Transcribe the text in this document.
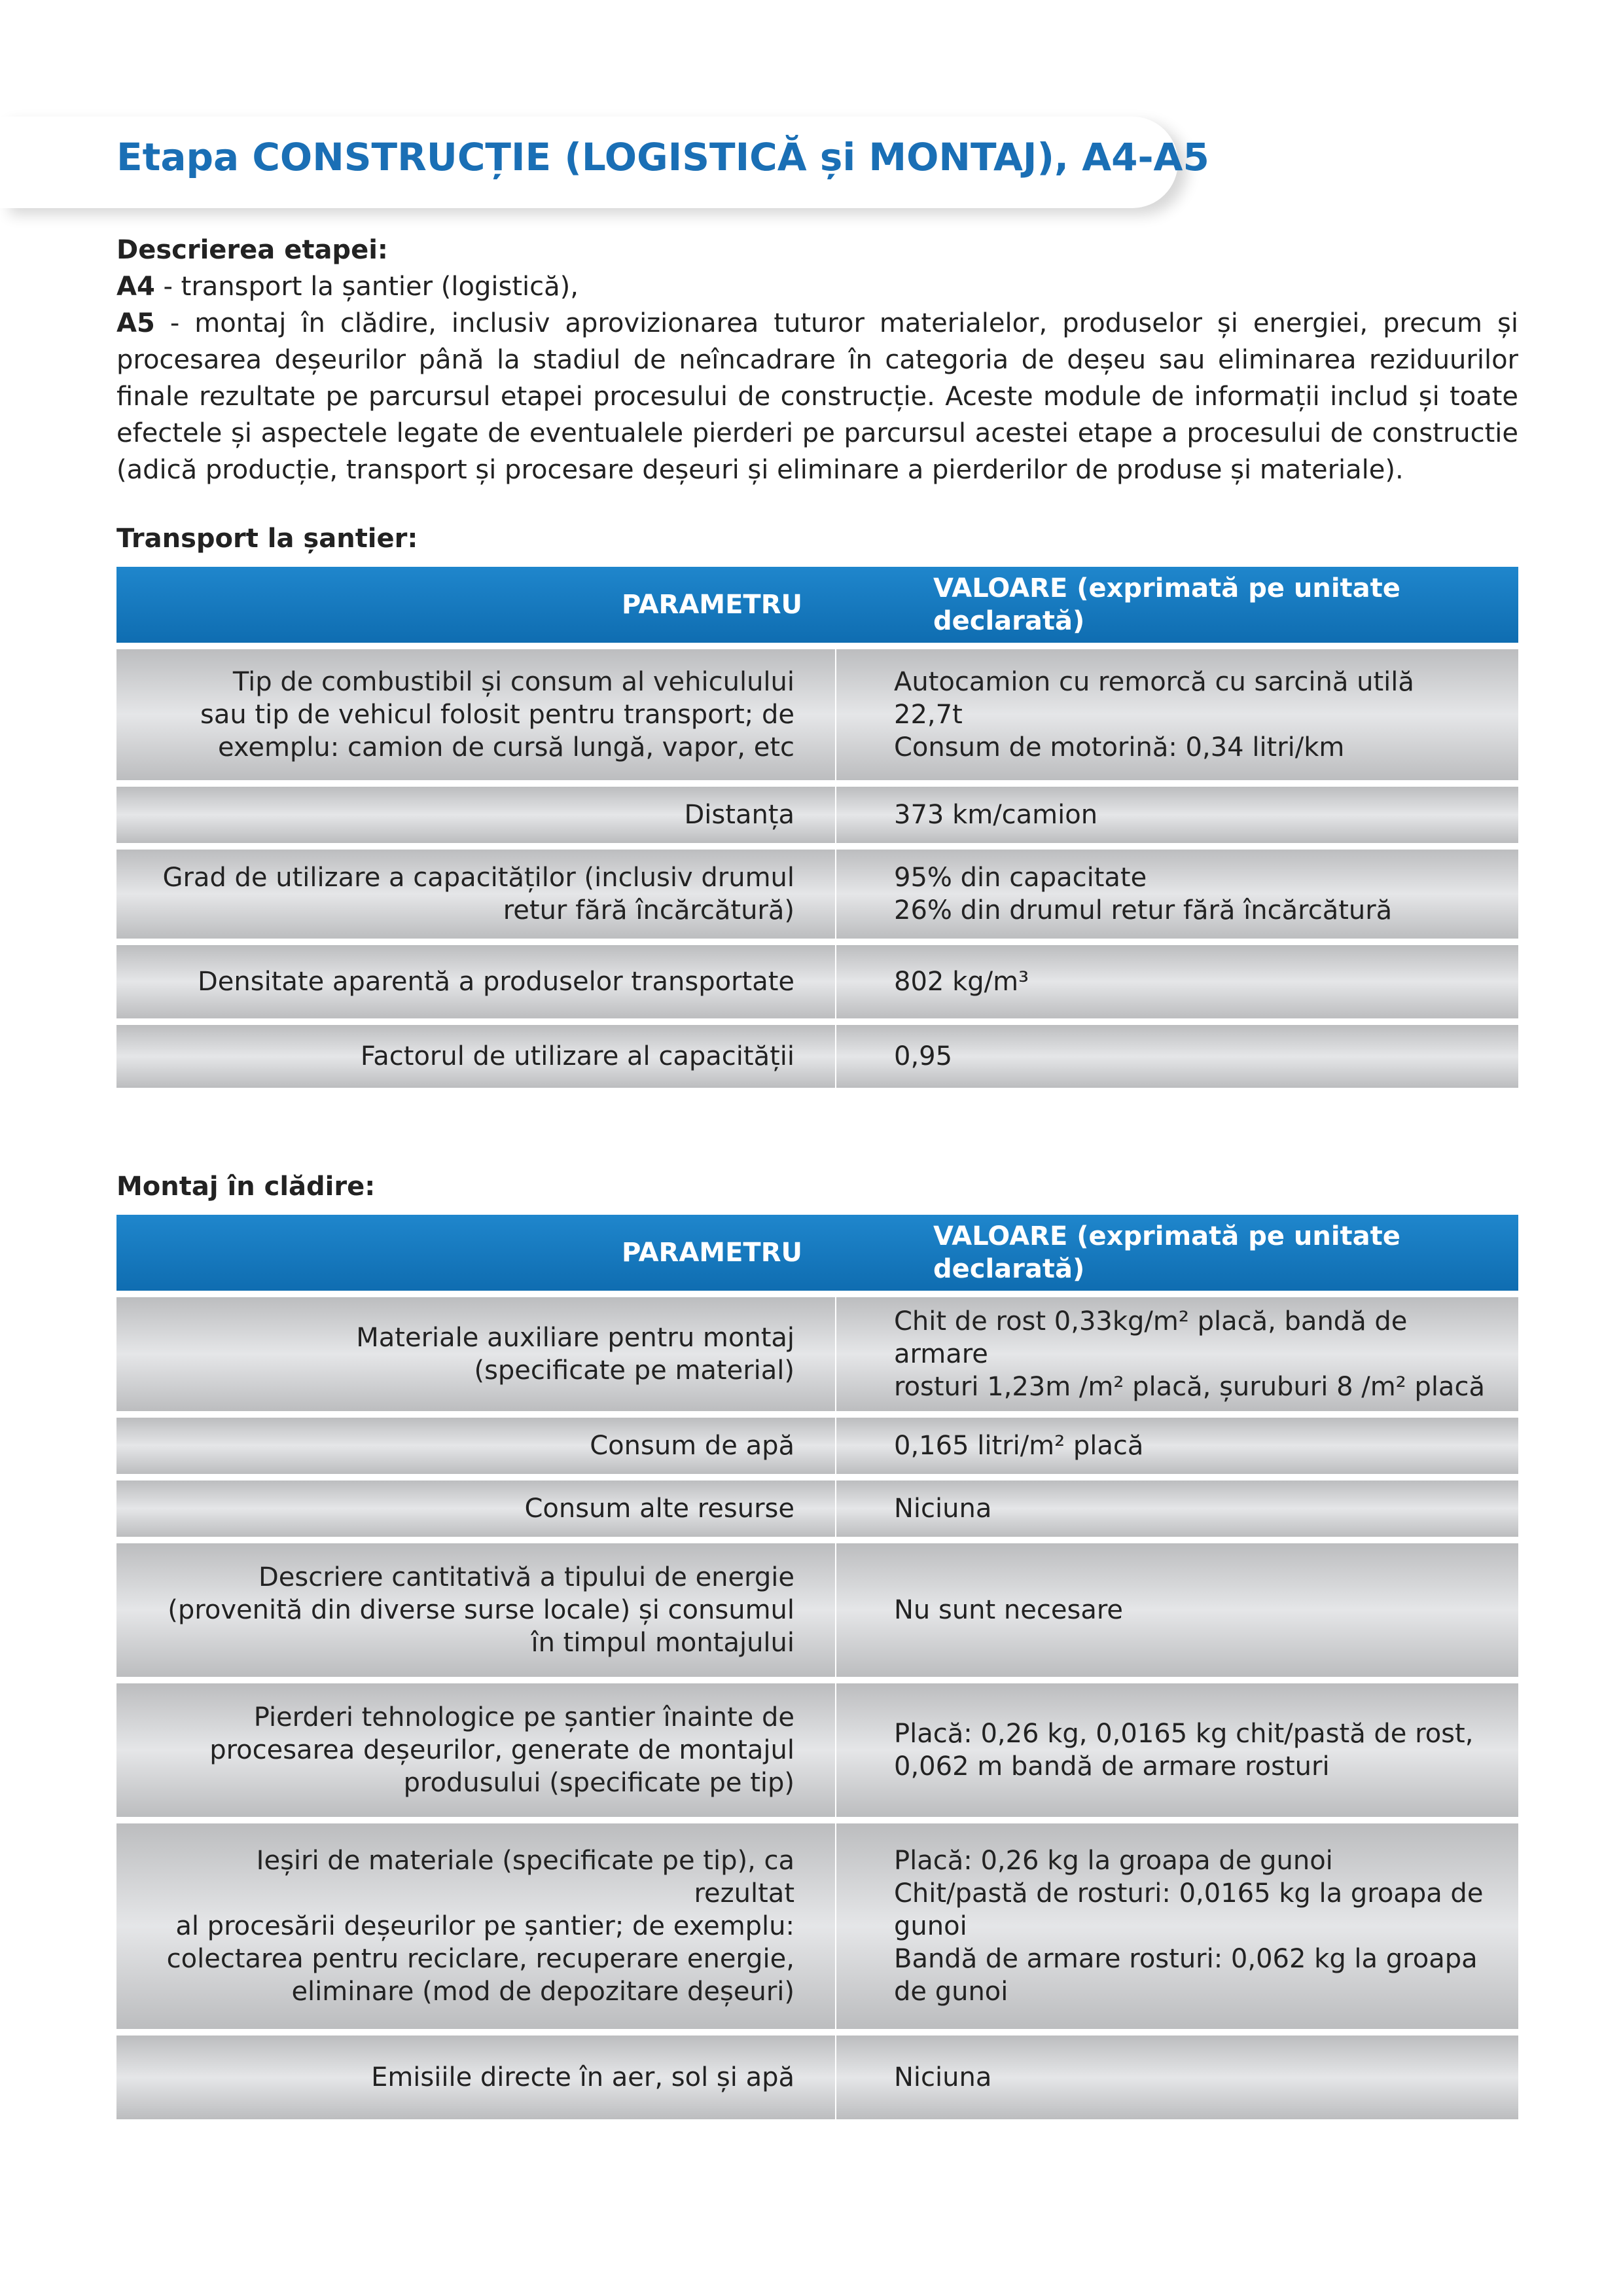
Etapa CONSTRUCȚIE (LOGISTICĂ și MONTAJ), A4-A5

Descrierea etapei:

A4 - transport la șantier (logistică),

A5 - montaj în clădire, inclusiv aprovizionarea tuturor materialelor, produselor și energiei, precum și procesarea deșeurilor până la stadiul de neîncadrare în categoria de deșeu sau eliminarea reziduurilor finale rezultate pe parcursul etapei procesului de construcție. Aceste module de informații includ și toate efectele și aspectele legate de eventualele pierderi pe parcursul acestei etape a procesului de constructie (adică producție, transport și procesare deșeuri și eliminare a pierderilor de produse și materiale).

Transport la șantier:
PARAMETRU	VALOARE (exprimată pe unitate declarată)

Tip de combustibil și consum al vehiculului
sau tip de vehicul folosit pentru transport; de
exemplu: camion de cursă lungă, vapor, etc	Autocamion cu remorcă cu sarcină utilă
22,7t
Consum de motorină: 0,34 litri/km

Distanța	373 km/camion

Grad de utilizare a capacităților (inclusiv drumul
retur fără încărcătură)	95% din capacitate
26% din drumul retur fără încărcătură

Densitate aparentă a produselor transportate	802 kg/m³

Factorul de utilizare al capacității	0,95
Montaj în clădire:
PARAMETRU	VALOARE (exprimată pe unitate declarată)

Materiale auxiliare pentru montaj
(specificate pe material)	Chit de rost 0,33kg/m² placă, bandă de armare
rosturi 1,23m /m² placă, șuruburi 8 /m² placă

Consum de apă	0,165 litri/m² placă

Consum alte resurse	Niciuna

Descriere cantitativă a tipului de energie
(provenită din diverse surse locale) și consumul
în timpul montajului	Nu sunt necesare

Pierderi tehnologice pe șantier înainte de
procesarea deșeurilor, generate de montajul
produsului (specificate pe tip)	Placă: 0,26 kg, 0,0165 kg chit/pastă de rost,
0,062 m bandă de armare rosturi

Ieșiri de materiale (specificate pe tip), ca rezultat
al procesării deșeurilor pe șantier; de exemplu:
colectarea pentru reciclare, recuperare energie,
eliminare (mod de depozitare deșeuri)	Placă: 0,26 kg la groapa de gunoi
Chit/pastă de rosturi: 0,0165 kg la groapa de
gunoi
Bandă de armare rosturi: 0,062 kg la groapa
de gunoi

Emisiile directe în aer, sol și apă	Niciuna
